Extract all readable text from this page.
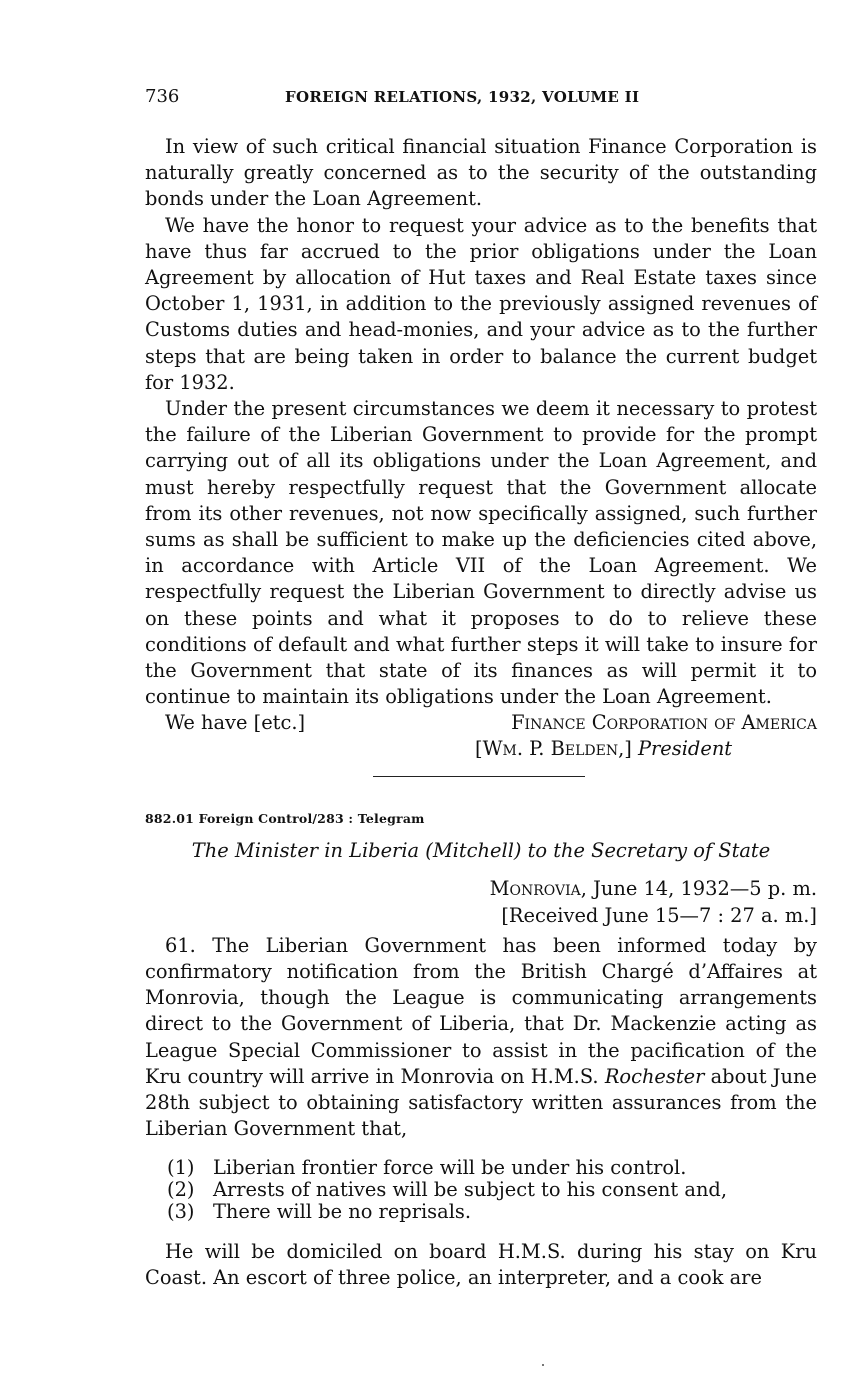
736	FOREIGN RELATIONS, 1932, VOLUME II

In view of such critical financial situation Finance Corporation is naturally greatly concerned as to the security of the outstanding bonds under the Loan Agreement.

We have the honor to request your advice as to the benefits that have thus far accrued to the prior obligations under the Loan Agreement by allocation of Hut taxes and Real Estate taxes since October 1, 1931, in addition to the previously assigned revenues of Customs duties and head-monies, and your advice as to the further steps that are being taken in order to balance the current budget for 1932.

Under the present circumstances we deem it necessary to protest the failure of the Liberian Government to provide for the prompt carrying out of all its obligations under the Loan Agreement, and must hereby respectfully request that the Government allocate from its other revenues, not now specifically assigned, such further sums as shall be sufficient to make up the deficiencies cited above, in accordance with Article VII of the Loan Agreement. We respectfully request the Liberian Government to directly advise us on these points and what it proposes to do to relieve these conditions of default and what further steps it will take to insure for the Government that state of its finances as will permit it to continue to maintain its obligations under the Loan Agreement.

We have [etc.]	Finance Corporation of America
[Wm. P. Belden,] President
882.01 Foreign Control/283 : Telegram
The Minister in Liberia (Mitchell) to the Secretary of State
Monrovia, June 14, 1932—5 p. m.
[Received June 15—7 : 27 a. m.]

61. The Liberian Government has been informed today by confirmatory notification from the British Chargé d’Affaires at Monrovia, though the League is communicating arrangements direct to the Government of Liberia, that Dr. Mackenzie acting as League Special Commissioner to assist in the pacification of the Kru country will arrive in Monrovia on H.M.S. Rochester about June 28th subject to obtaining satisfactory written assurances from the Liberian Government that,

(1) Liberian frontier force will be under his control.
(2) Arrests of natives will be subject to his consent and,
(3) There will be no reprisals.

He will be domiciled on board H.M.S. during his stay on Kru Coast. An escort of three police, an interpreter, and a cook are
